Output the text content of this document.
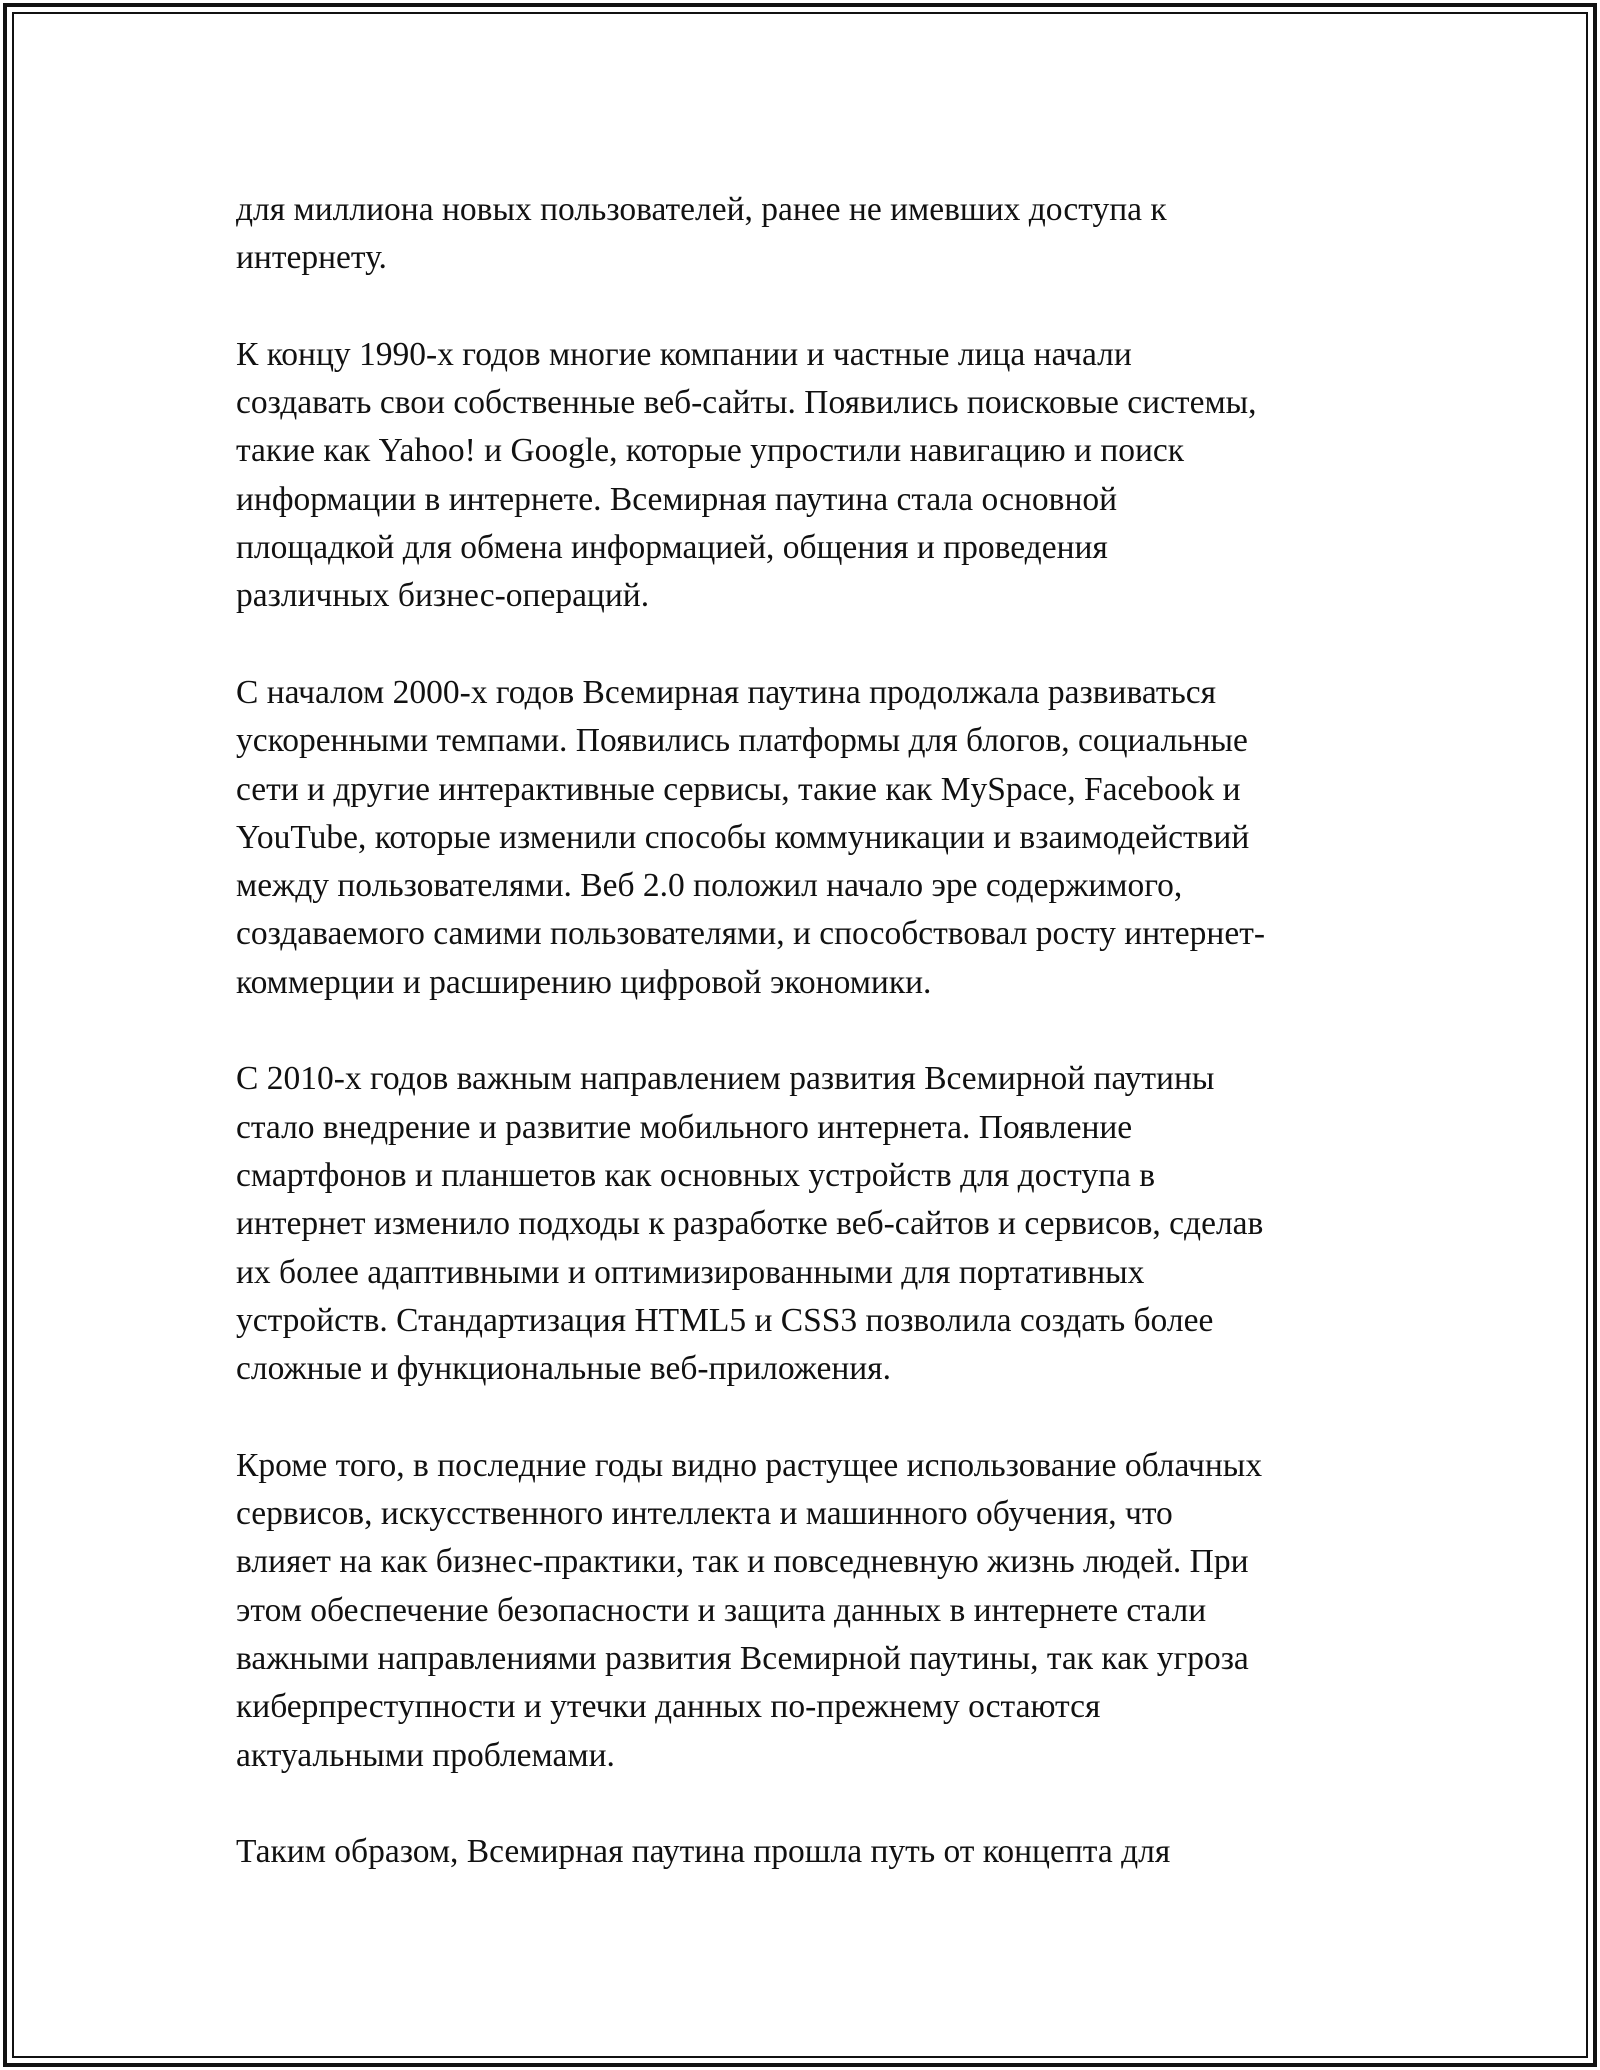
для миллиона новых пользователей, ранее не имевших доступа к
интернету.

К концу 1990-х годов многие компании и частные лица начали
создавать свои собственные веб-сайты. Появились поисковые системы,
такие как Yahoo! и Google, которые упростили навигацию и поиск
информации в интернете. Всемирная паутина стала основной
площадкой для обмена информацией, общения и проведения
различных бизнес-операций.

С началом 2000-х годов Всемирная паутина продолжала развиваться
ускоренными темпами. Появились платформы для блогов, социальные
сети и другие интерактивные сервисы, такие как MySpace, Facebook и
YouTube, которые изменили способы коммуникации и взаимодействий
между пользователями. Веб 2.0 положил начало эре содержимого,
создаваемого самими пользователями, и способствовал росту интернет-
коммерции и расширению цифровой экономики.

С 2010-х годов важным направлением развития Всемирной паутины
стало внедрение и развитие мобильного интернета. Появление
смартфонов и планшетов как основных устройств для доступа в
интернет изменило подходы к разработке веб-сайтов и сервисов, сделав
их более адаптивными и оптимизированными для портативных
устройств. Стандартизация HTML5 и CSS3 позволила создать более
сложные и функциональные веб-приложения.

Кроме того, в последние годы видно растущее использование облачных
сервисов, искусственного интеллекта и машинного обучения, что
влияет на как бизнес-практики, так и повседневную жизнь людей. При
этом обеспечение безопасности и защита данных в интернете стали
важными направлениями развития Всемирной паутины, так как угроза
киберпреступности и утечки данных по-прежнему остаются
актуальными проблемами.

Таким образом, Всемирная паутина прошла путь от концепта для
